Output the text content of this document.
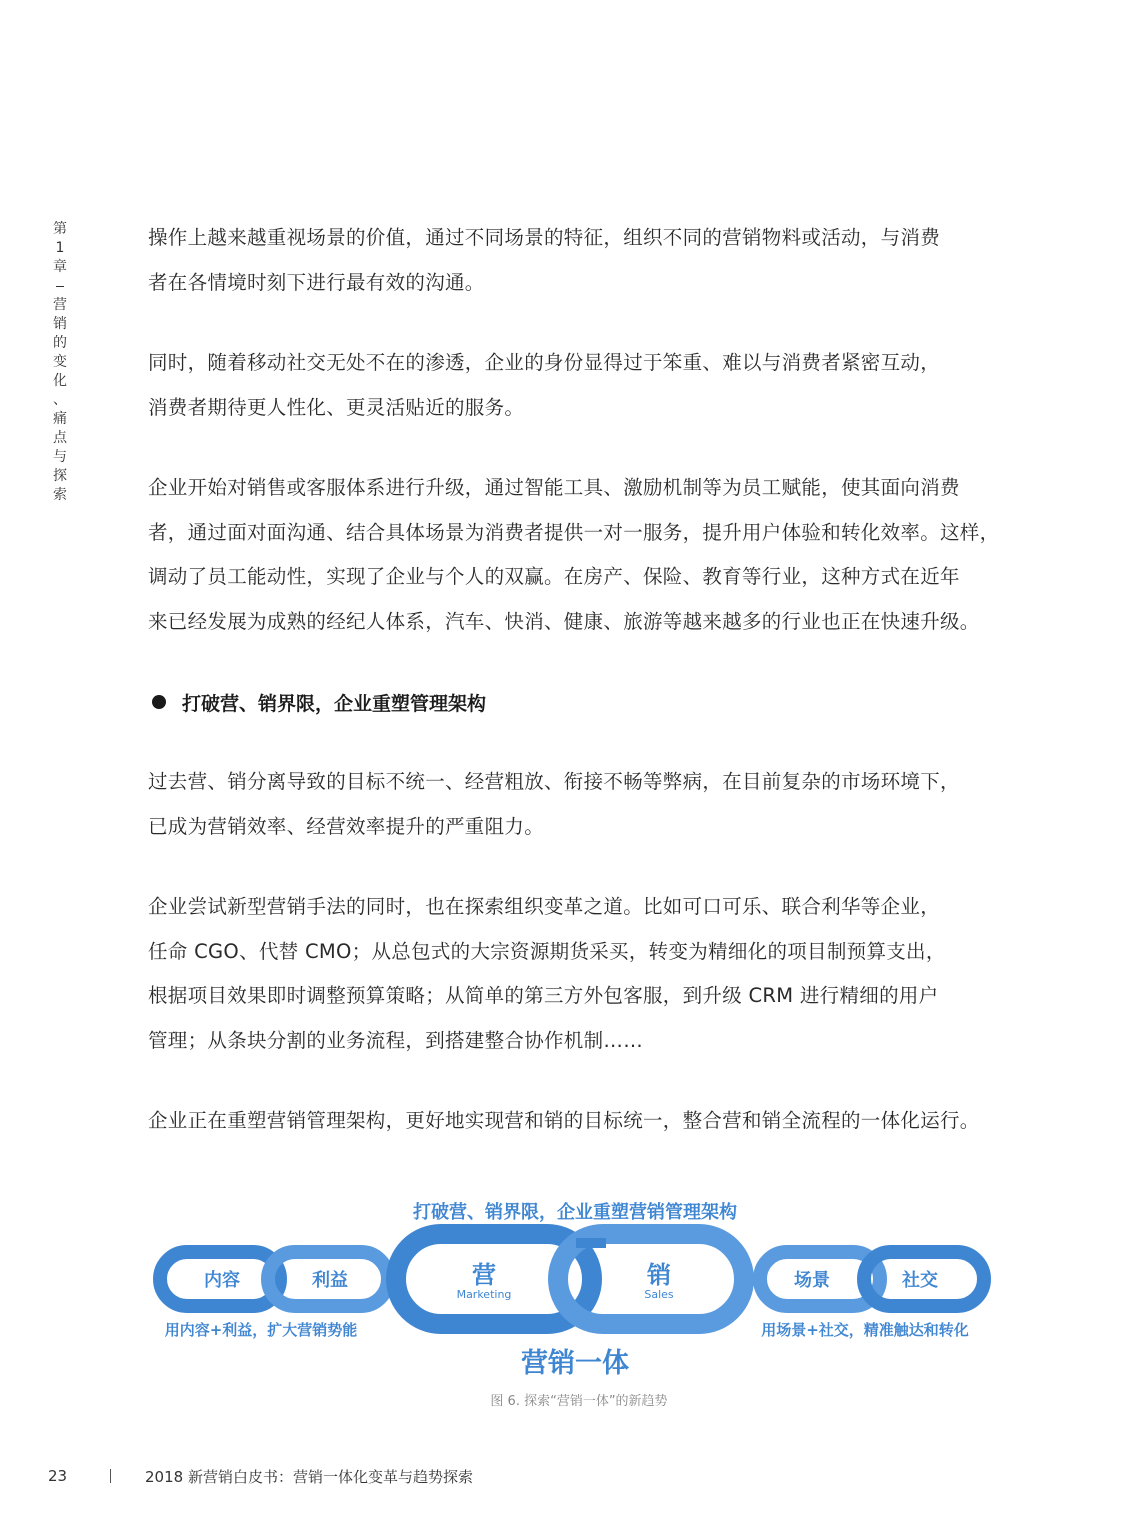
第
1
章
营
销
的
变
化
、
痛
点
与
探
索

操作上越来越重视场景的价值，通过不同场景的特征，组织不同的营销物料或活动，与消费

者在各情境时刻下进行最有效的沟通。

同时，随着移动社交无处不在的渗透，企业的身份显得过于笨重、难以与消费者紧密互动，

消费者期待更人性化、更灵活贴近的服务。

企业开始对销售或客服体系进行升级，通过智能工具、激励机制等为员工赋能，使其面向消费

者，通过面对面沟通、结合具体场景为消费者提供一对一服务，提升用户体验和转化效率。这样，

调动了员工能动性，实现了企业与个人的双赢。在房产、保险、教育等行业，这种方式在近年

来已经发展为成熟的经纪人体系，汽车、快消、健康、旅游等越来越多的行业也正在快速升级。

打破营、销界限，企业重塑管理架构

过去营、销分离导致的目标不统一、经营粗放、衔接不畅等弊病，在目前复杂的市场环境下，

已成为营销效率、经营效率提升的严重阻力。

企业尝试新型营销手法的同时，也在探索组织变革之道。比如可口可乐、联合利华等企业，

任命 CGO、代替 CMO；从总包式的大宗资源期货采买，转变为精细化的项目制预算支出，

根据项目效果即时调整预算策略；从简单的第三方外包客服，到升级 CRM 进行精细的用户

管理；从条块分割的业务流程，到搭建整合协作机制……

企业正在重塑营销管理架构，更好地实现营和销的目标统一，整合营和销全流程的一体化运行。

打破营、销界限，企业重塑营销管理架构
内容	利益	营	销	场景	社交
Marketing	Sales
用内容+利益，扩大营销势能	用场景+社交，精准触达和转化
营销一体
图 6. 探索“营销一体”的新趋势
23	2018 新营销白皮书：营销一体化变革与趋势探索
